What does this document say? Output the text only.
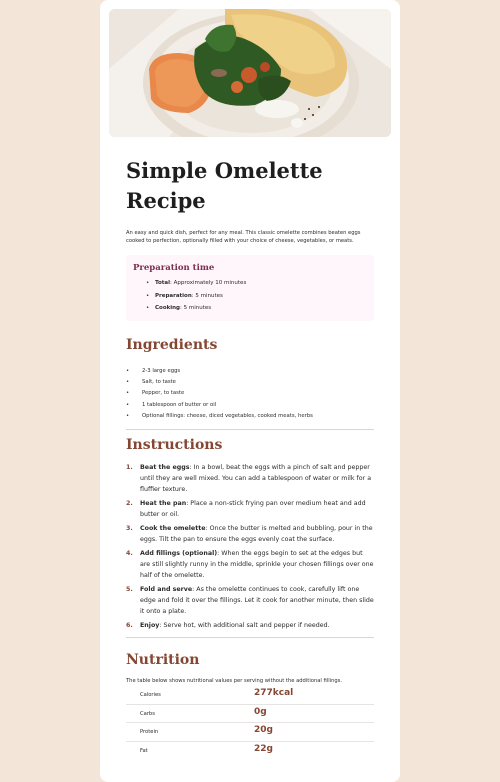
Simple Omelette Recipe

An easy and quick dish, perfect for any meal. This classic omelette combines beaten eggs cooked to perfection, optionally filled with your choice of cheese, vegetables, or meats.

Preparation time
• Total: Approximately 10 minutes
• Preparation: 5 minutes
• Cooking: 5 minutes
Ingredients
• 2-3 large eggs
• Salt, to taste
• Pepper, to taste
• 1 tablespoon of butter or oil
• Optional fillings: cheese, diced vegetables, cooked meats, herbs
Instructions
1. Beat the eggs: In a bowl, beat the eggs with a pinch of salt and pepper until they are well mixed. You can add a tablespoon of water or milk for a fluffier texture.
2. Heat the pan: Place a non-stick frying pan over medium heat and add butter or oil.
3. Cook the omelette: Once the butter is melted and bubbling, pour in the eggs. Tilt the pan to ensure the eggs evenly coat the surface.
4. Add fillings (optional): When the eggs begin to set at the edges but are still slightly runny in the middle, sprinkle your chosen fillings over one half of the omelette.
5. Fold and serve: As the omelette continues to cook, carefully lift one edge and fold it over the fillings. Let it cook for another minute, then slide it onto a plate.
6. Enjoy: Serve hot, with additional salt and pepper if needed.
Nutrition

The table below shows nutritional values per serving without the additional fillings.

Calories	277kcal
Carbs	0g
Protein	20g
Fat	22g
